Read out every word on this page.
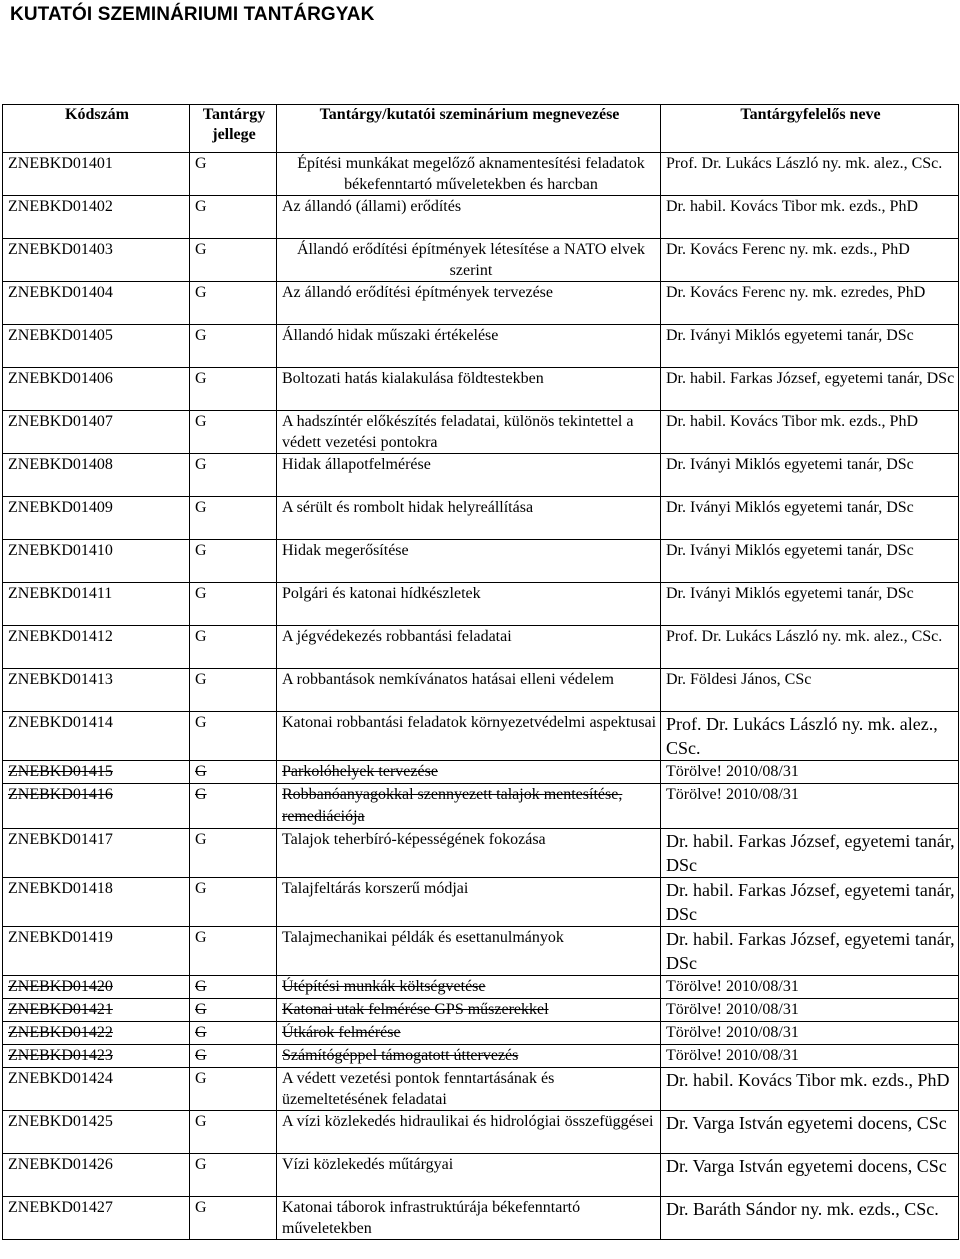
KUTATÓI SZEMINÁRIUMI TANTÁRGYAK
Kódszám	Tantárgy jellege	Tantárgy/kutatói szeminárium megnevezése	Tantárgyfelelős neve
ZNEBKD01401	G	Építési munkákat megelőző aknamentesítési feladatok békefenntartó műveletekben és harcban	Prof. Dr. Lukács László ny. mk. alez., CSc.
ZNEBKD01402	G	Az állandó (állami) erődítés	Dr. habil. Kovács Tibor mk. ezds., PhD
ZNEBKD01403	G	Állandó erődítési építmények létesítése a NATO elvek szerint	Dr. Kovács Ferenc ny. mk. ezds., PhD
ZNEBKD01404	G	Az állandó erődítési építmények tervezése	Dr. Kovács Ferenc ny. mk. ezredes, PhD
ZNEBKD01405	G	Állandó hidak műszaki értékelése	Dr. Iványi Miklós egyetemi tanár, DSc
ZNEBKD01406	G	Boltozati hatás kialakulása földtestekben	Dr. habil. Farkas József, egyetemi tanár, DSc
ZNEBKD01407	G	A hadszíntér előkészítés feladatai, különös tekintettel a védett vezetési pontokra	Dr. habil. Kovács Tibor mk. ezds., PhD
ZNEBKD01408	G	Hidak állapotfelmérése	Dr. Iványi Miklós egyetemi tanár, DSc
ZNEBKD01409	G	A sérült és rombolt hidak helyreállítása	Dr. Iványi Miklós egyetemi tanár, DSc
ZNEBKD01410	G	Hidak megerősítése	Dr. Iványi Miklós egyetemi tanár, DSc
ZNEBKD01411	G	Polgári és katonai hídkészletek	Dr. Iványi Miklós egyetemi tanár, DSc
ZNEBKD01412	G	A jégvédekezés robbantási feladatai	Prof. Dr. Lukács László ny. mk. alez., CSc.
ZNEBKD01413	G	A robbantások nemkívánatos hatásai elleni védelem	Dr. Földesi János, CSc
ZNEBKD01414	G	Katonai robbantási feladatok környezetvédelmi aspektusai	Prof. Dr. Lukács László ny. mk. alez., CSc.
ZNEBKD01415	G	Parkolóhelyek tervezése	Törölve! 2010/08/31
ZNEBKD01416	G	Robbanóanyagokkal szennyezett talajok mentesítése, remediációja	Törölve! 2010/08/31
ZNEBKD01417	G	Talajok teherbíró-képességének fokozása	Dr. habil. Farkas József, egyetemi tanár, DSc
ZNEBKD01418	G	Talajfeltárás korszerű módjai	Dr. habil. Farkas József, egyetemi tanár, DSc
ZNEBKD01419	G	Talajmechanikai példák és esettanulmányok	Dr. habil. Farkas József, egyetemi tanár, DSc
ZNEBKD01420	G	Útépítési munkák költségvetése	Törölve! 2010/08/31
ZNEBKD01421	G	Katonai utak felmérése GPS műszerekkel	Törölve! 2010/08/31
ZNEBKD01422	G	Útkárok felmérése	Törölve! 2010/08/31
ZNEBKD01423	G	Számítógéppel támogatott úttervezés	Törölve! 2010/08/31
ZNEBKD01424	G	A védett vezetési pontok fenntartásának és üzemeltetésének feladatai	Dr. habil. Kovács Tibor mk. ezds., PhD
ZNEBKD01425	G	A vízi közlekedés hidraulikai és hidrológiai összefüggései	Dr. Varga István egyetemi docens, CSc
ZNEBKD01426	G	Vízi közlekedés műtárgyai	Dr. Varga István egyetemi docens, CSc
ZNEBKD01427	G	Katonai táborok infrastruktúrája békefenntartó műveletekben	Dr. Baráth Sándor ny. mk. ezds., CSc.
